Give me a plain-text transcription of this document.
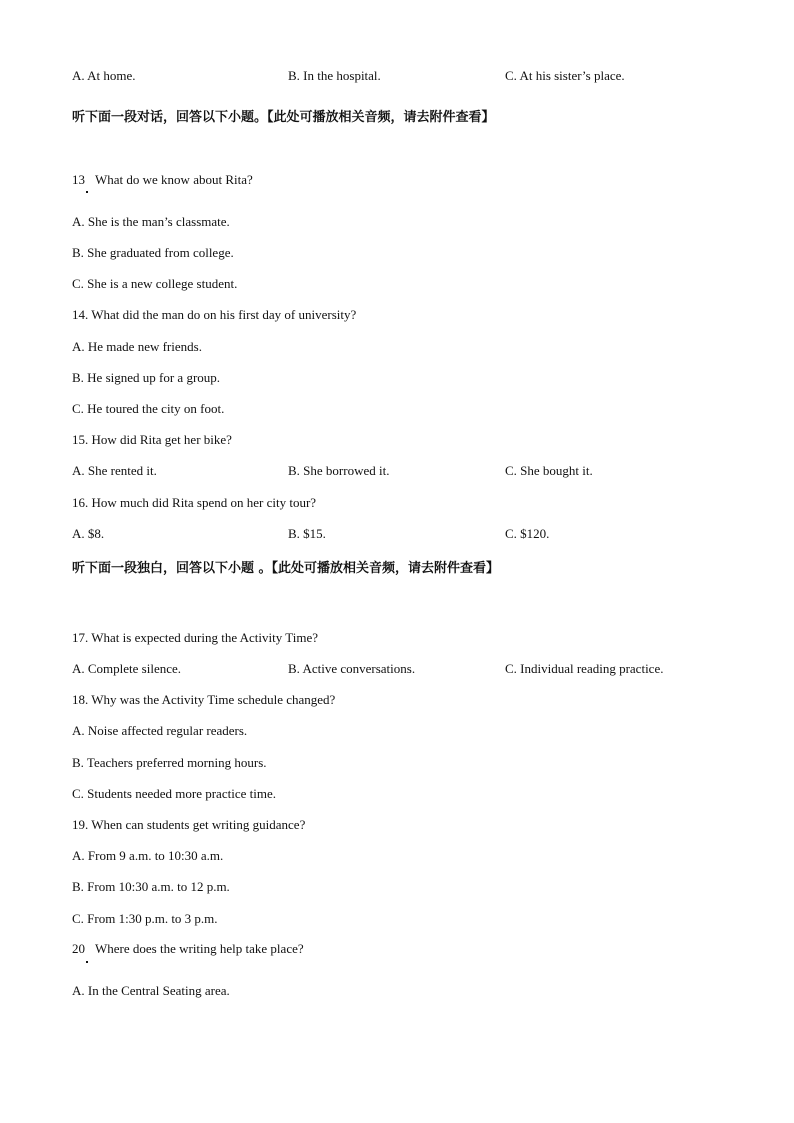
A. At home.	B. In the hospital.	C. At his sister’s place.
听下面一段对话，回答以下小题。【此处可播放相关音频，请去附件查看】
13 What do we know about Rita?
A. She is the man’s classmate.
B. She graduated from college.
C. She is a new college student.
14. What did the man do on his first day of university?
A. He made new friends.
B. He signed up for a group.
C. He toured the city on foot.
15. How did Rita get her bike?
A. She rented it.	B. She borrowed it.	C. She bought it.
16. How much did Rita spend on her city tour?
A. $8.	B. $15.	C. $120.
听下面一段独白，回答以下小题 。【此处可播放相关音频，请去附件查看】
17. What is expected during the Activity Time?
A. Complete silence.	B. Active conversations.	C. Individual reading practice.
18. Why was the Activity Time schedule changed?
A. Noise affected regular readers.
B. Teachers preferred morning hours.
C. Students needed more practice time.
19. When can students get writing guidance?
A. From 9 a.m. to 10:30 a.m.
B. From 10:30 a.m. to 12 p.m.
C. From 1:30 p.m. to 3 p.m.
20 Where does the writing help take place?
A. In the Central Seating area.
